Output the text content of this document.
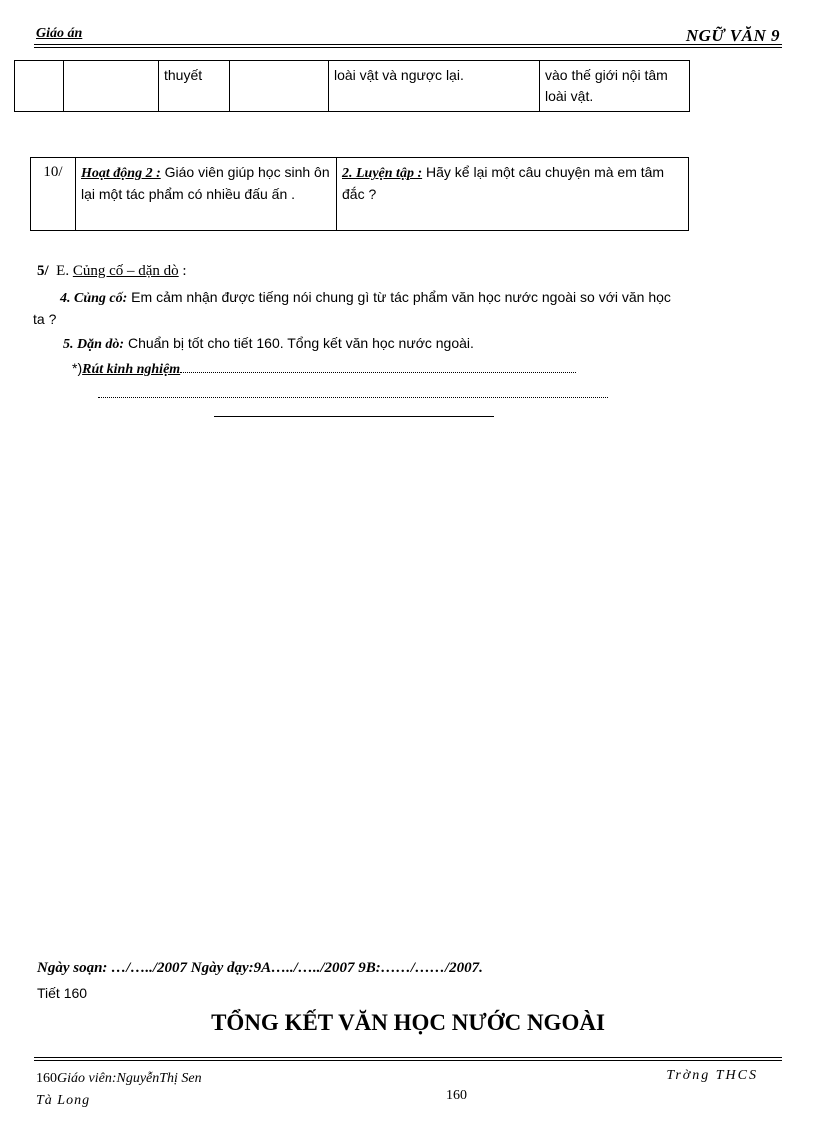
Giáo án	NGỮ VĂN 9
		thuyết		loài vật và ngược lại.	vào thế giới nội tâm loài vật.
10/	Hoạt động 2 : Giáo viên giúp học sinh ôn lại một tác phẩm có nhiều đấu ấn .	2. Luyện tập : Hãy kể lại một câu chuyện mà em tâm đắc ?
5/ E. Củng cố – dặn dò :
4. Củng cố: Em cảm nhận được tiếng nói chung gì từ tác phẩm văn học nước ngoài so với văn học
ta ?
5. Dặn dò: Chuẩn bị tốt cho tiết 160. Tổng kết văn học nước ngoài.
*)Rút kinh nghiệm
Ngày soạn: …/…../2007 Ngày dạy:9A…../…../2007 9B:……/……/2007.
Tiết 160
TỔNG KẾT VĂN HỌC NƯỚC NGOÀI
160Giáo viên:NguyễnThị Sen
Tà Long
Trờng THCS
160
